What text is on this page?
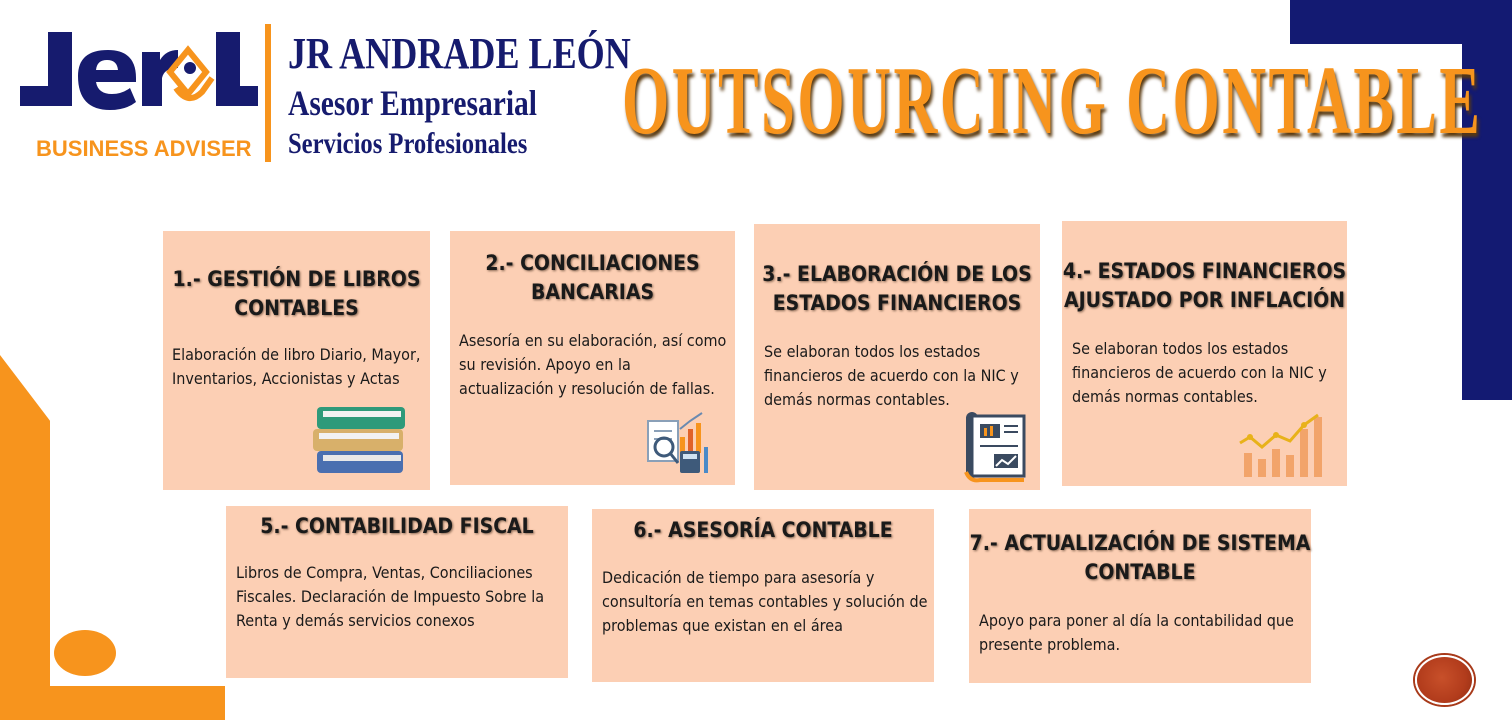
BUSINESS ADVISER
JR ANDRADE LEÓN
Asesor Empresarial
Servicios Profesionales OUTSOURCING CONTABLE
1.- GESTIÓN DE LIBROS
CONTABLES
Elaboración de libro Diario, Mayor, Inventarios, Accionistas y Actas
2.- CONCILIACIONES
BANCARIAS
Asesoría en su elaboración, así como su revisión. Apoyo en la actualización y resolución de fallas.
3.- ELABORACIÓN DE LOS
ESTADOS FINANCIEROS
Se elaboran todos los estados financieros de acuerdo con la NIC y demás normas contables.
4.- ESTADOS FINANCIEROS
AJUSTADO POR INFLACIÓN
Se elaboran todos los estados financieros de acuerdo con la NIC y demás normas contables.
5.- CONTABILIDAD FISCAL
Libros de Compra, Ventas, Conciliaciones Fiscales. Declaración de Impuesto Sobre la Renta y demás servicios conexos
6.- ASESORÍA CONTABLE
Dedicación de tiempo para asesoría y consultoría en temas contables y solución de problemas que existan en el área
7.- ACTUALIZACIÓN DE SISTEMA
CONTABLE
Apoyo para poner al día la contabilidad que presente problema.
